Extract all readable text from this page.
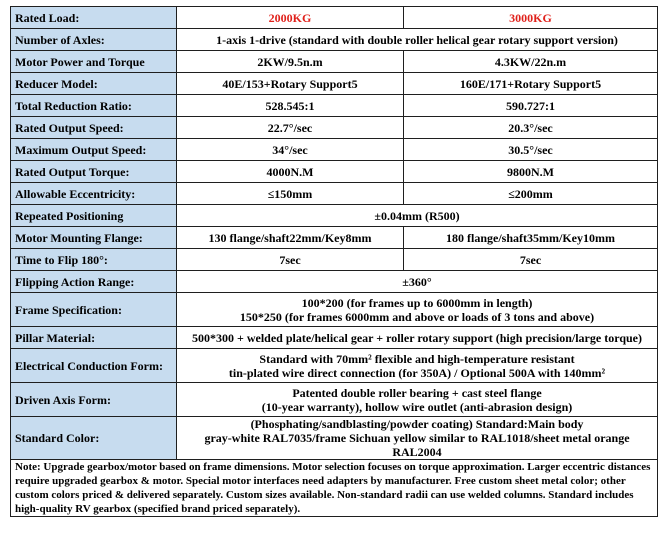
Rated Load:	2000KG	3000KG
Number of Axles:	1-axis 1-drive (standard with double roller helical gear rotary support version)	
Motor Power and Torque	2KW/9.5n.m	4.3KW/22n.m
Reducer Model:	40E/153+Rotary Support5	160E/171+Rotary Support5
Total Reduction Ratio:	528.545:1	590.727:1
Rated Output Speed:	22.7°/sec	20.3°/sec
Maximum Output Speed:	34°/sec	30.5°/sec
Rated Output Torque:	4000N.M	9800N.M
Allowable Eccentricity:	≤150mm	≤200mm
Repeated Positioning	±0.04mm (R500)	
Motor Mounting Flange:	130 flange/shaft22mm/Key8mm	180 flange/shaft35mm/Key10mm
Time to Flip 180°:	7sec	7sec
Flipping Action Range:	±360°	
Frame Specification:	100*200 (for frames up to 6000mm in length)
150*250 (for frames 6000mm and above or loads of 3 tons and above)	

Pillar Material:	500*300 + welded plate/helical gear + roller rotary support (high precision/large torque)	
Electrical Conduction Form:	Standard with 70mm² flexible and high-temperature resistant
tin-plated wire direct connection (for 350A) / Optional 500A with 140mm²	

Driven Axis Form:	Patented double roller bearing + cast steel flange
(10-year warranty), hollow wire outlet (anti-abrasion design)	

Standard Color:	(Phosphating/sandblasting/powder coating) Standard:Main body
gray-white RAL7035/frame Sichuan yellow similar to RAL1018/sheet metal orange RAL2004	

Note: Upgrade gearbox/motor based on frame dimensions. Motor selection focuses on torque approximation. Larger eccentric distances require upgraded gearbox & motor. Special motor interfaces need adapters by manufacturer. Free custom sheet metal color; other custom colors priced & delivered separately. Custom sizes available. Non-standard radii can use welded columns. Standard includes high-quality RV gearbox (specified brand priced separately).		
